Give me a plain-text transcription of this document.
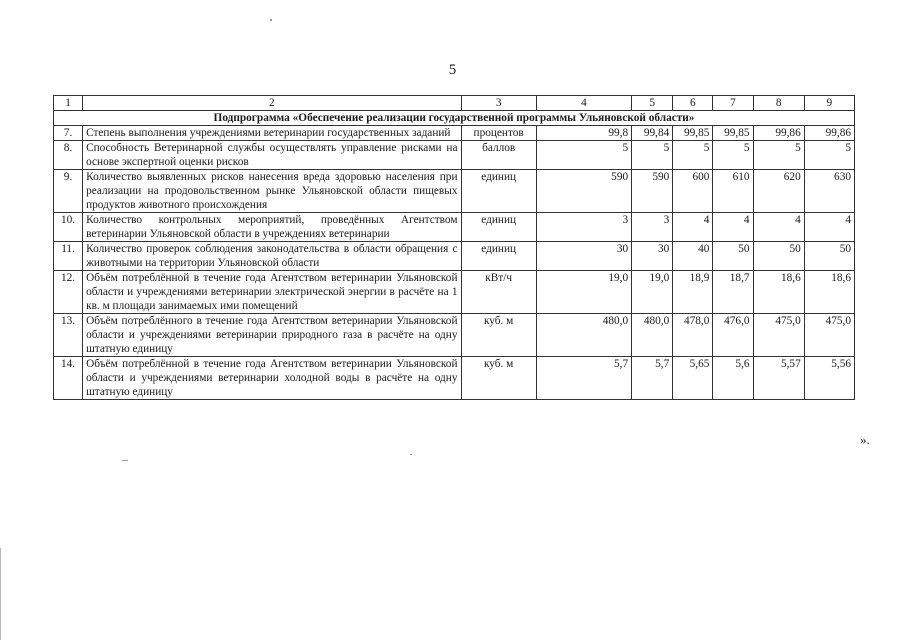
5
1	2	3	4	5	6	7	8	9
Подпрограмма «Обеспечение реализации государственной программы Ульяновской области»								
7.	Степень выполнения учреждениями ветеринарии государственных заданий	процентов	99,8	99,84	99,85	99,85	99,86	99,86
8.	Способность Ветеринарной службы осуществлять управление рисками на основе экспертной оценки рисков	баллов	5	5	5	5	5	5
9.	Количество выявленных рисков нанесения вреда здоровью населения при реализации на продовольственном рынке Ульяновской области пищевых продуктов животного происхождения	единиц	590	590	600	610	620	630
10.	Количество контрольных мероприятий, проведённых Агентством ветеринарии Ульяновской области в учреждениях ветеринарии	единиц	3	3	4	4	4	4
11.	Количество проверок соблюдения законодательства в области обращения с животными на территории Ульяновской области	единиц	30	30	40	50	50	50
12.	Объём потреблённой в течение года Агентством ветеринарии Ульяновской области и учреждениями ветеринарии электрической энергии в расчёте на 1 кв. м площади занимаемых ими помещений	кВт/ч	19,0	19,0	18,9	18,7	18,6	18,6
13.	Объём потреблённого в течение года Агентством ветеринарии Ульяновской области и учреждениями ветеринарии природного газа в расчёте на одну штатную единицу	куб. м	480,0	480,0	478,0	476,0	475,0	475,0
14.	Объём потреблённой в течение года Агентством ветеринарии Ульяновской области и учреждениями ветеринарии холодной воды в расчёте на одну штатную единицу	куб. м	5,7	5,7	5,65	5,6	5,57	5,56
».
